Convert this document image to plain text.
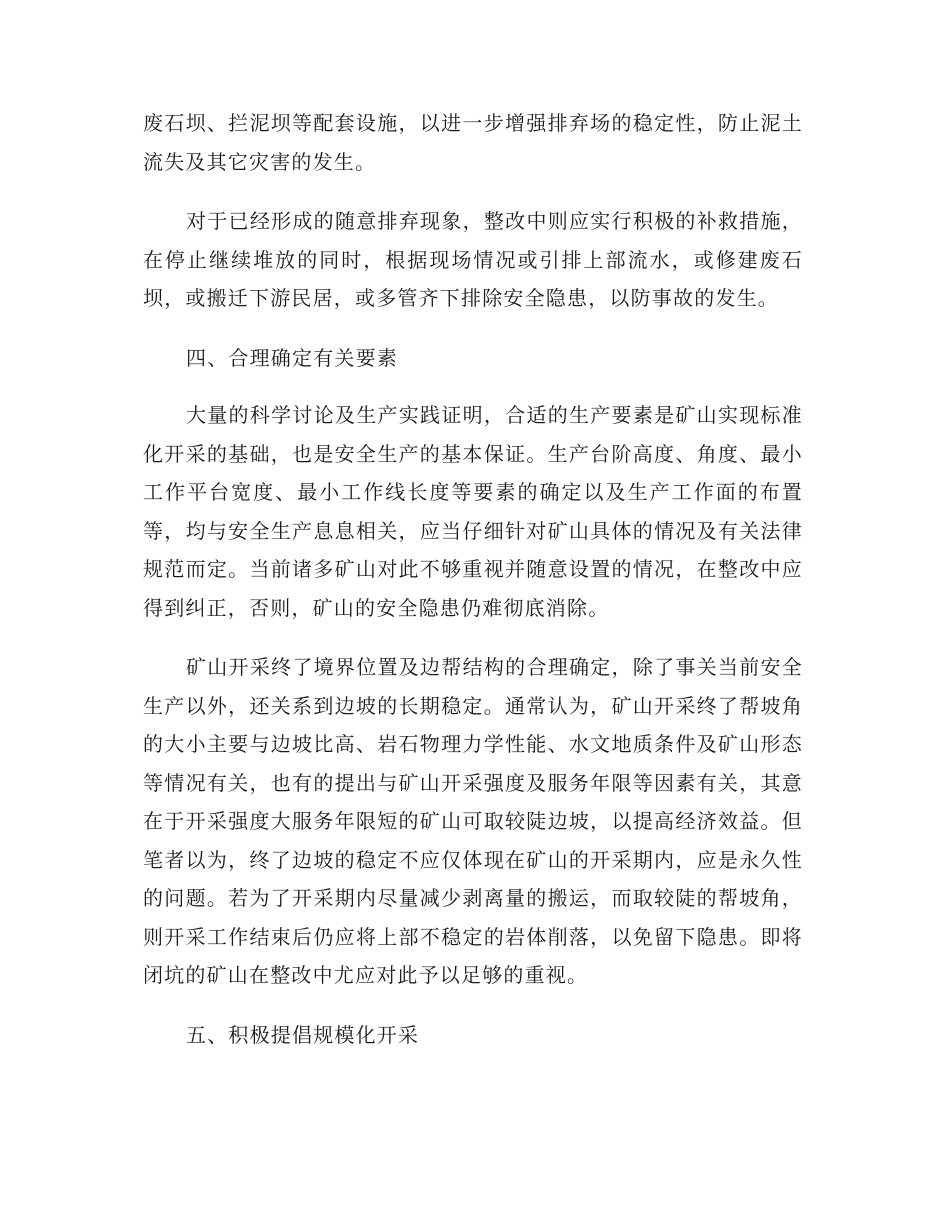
废石坝、拦泥坝等配套设施，以进一步增强排弃场的稳定性，防止泥土流失及其它灾害的发生。

对于已经形成的随意排弃现象，整改中则应实行积极的补救措施，在停止继续堆放的同时，根据现场情况或引排上部流水，或修建废石坝，或搬迁下游民居，或多管齐下排除安全隐患，以防事故的发生。

四、合理确定有关要素

大量的科学讨论及生产实践证明，合适的生产要素是矿山实现标准化开采的基础，也是安全生产的基本保证。生产台阶高度、角度、最小工作平台宽度、最小工作线长度等要素的确定以及生产工作面的布置等，均与安全生产息息相关，应当仔细针对矿山具体的情况及有关法律规范而定。当前诸多矿山对此不够重视并随意设置的情况，在整改中应得到纠正，否则，矿山的安全隐患仍难彻底消除。

矿山开采终了境界位置及边帮结构的合理确定，除了事关当前安全生产以外，还关系到边坡的长期稳定。通常认为，矿山开采终了帮坡角的大小主要与边坡比高、岩石物理力学性能、水文地质条件及矿山形态等情况有关，也有的提出与矿山开采强度及服务年限等因素有关，其意在于开采强度大服务年限短的矿山可取较陡边坡，以提高经济效益。但笔者以为，终了边坡的稳定不应仅体现在矿山的开采期内，应是永久性的问题。若为了开采期内尽量减少剥离量的搬运，而取较陡的帮坡角，则开采工作结束后仍应将上部不稳定的岩体削落，以免留下隐患。即将闭坑的矿山在整改中尤应对此予以足够的重视。

五、积极提倡规模化开采
